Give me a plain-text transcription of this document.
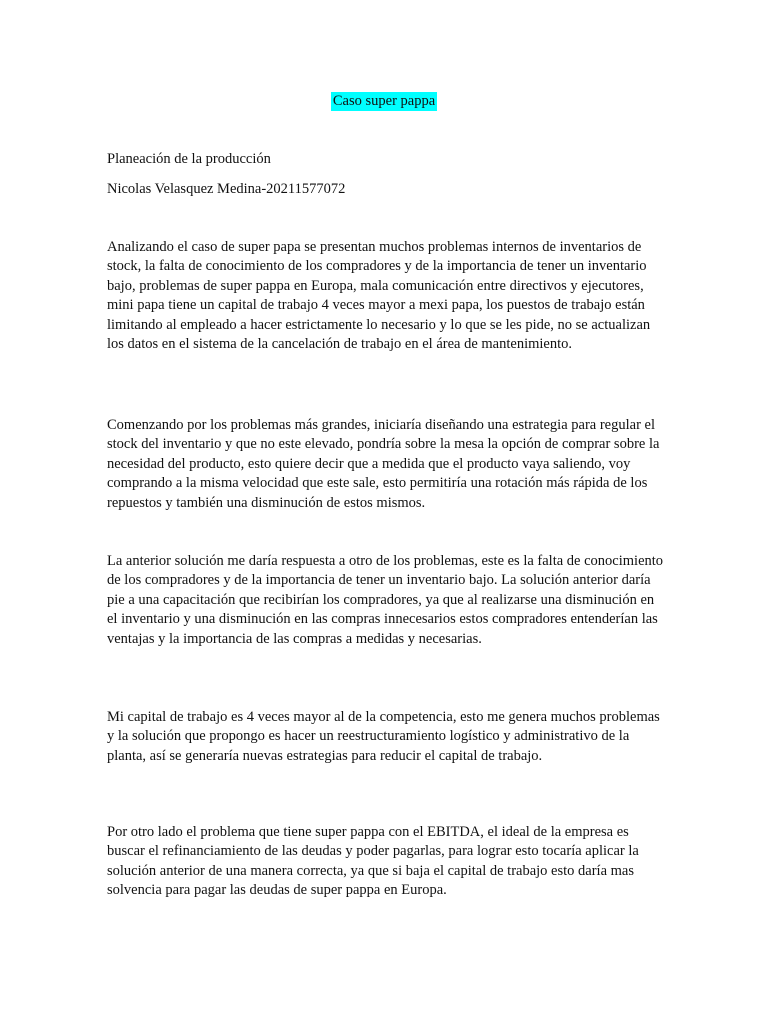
Caso super pappa
Planeación de la producción
Nicolas Velasquez Medina-20211577072

Analizando el caso de super papa se presentan muchos problemas internos de inventarios de stock, la falta de conocimiento de los compradores y de la importancia de tener un inventario bajo, problemas de super pappa en Europa, mala comunicación entre directivos y ejecutores, mini papa tiene un capital de trabajo 4 veces mayor a mexi papa, los puestos de trabajo están limitando al empleado a hacer estrictamente lo necesario y lo que se les pide, no se actualizan los datos en el sistema de la cancelación de trabajo en el área de mantenimiento.

Comenzando por los problemas más grandes, iniciaría diseñando una estrategia para regular el stock del inventario y que no este elevado, pondría sobre la mesa la opción de comprar sobre la necesidad del producto, esto quiere decir que a medida que el producto vaya saliendo, voy comprando a la misma velocidad que este sale, esto permitiría una rotación más rápida de los repuestos y también una disminución de estos mismos.

La anterior solución me daría respuesta a otro de los problemas, este es la falta de conocimiento de los compradores y de la importancia de tener un inventario bajo. La solución anterior daría pie a una capacitación que recibirían los compradores, ya que al realizarse una disminución en el inventario y una disminución en las compras innecesarios estos compradores entenderían las ventajas y la importancia de las compras a medidas y necesarias.

Mi capital de trabajo es 4 veces mayor al de la competencia, esto me genera muchos problemas y la solución que propongo es hacer un reestructuramiento logístico y administrativo de la planta, así se generaría nuevas estrategias para reducir el capital de trabajo.

Por otro lado el problema que tiene super pappa con el EBITDA, el ideal de la empresa es buscar el refinanciamiento de las deudas y poder pagarlas, para lograr esto tocaría aplicar la solución anterior de una manera correcta, ya que si baja el capital de trabajo esto daría mas solvencia para pagar las deudas de super pappa en Europa.
